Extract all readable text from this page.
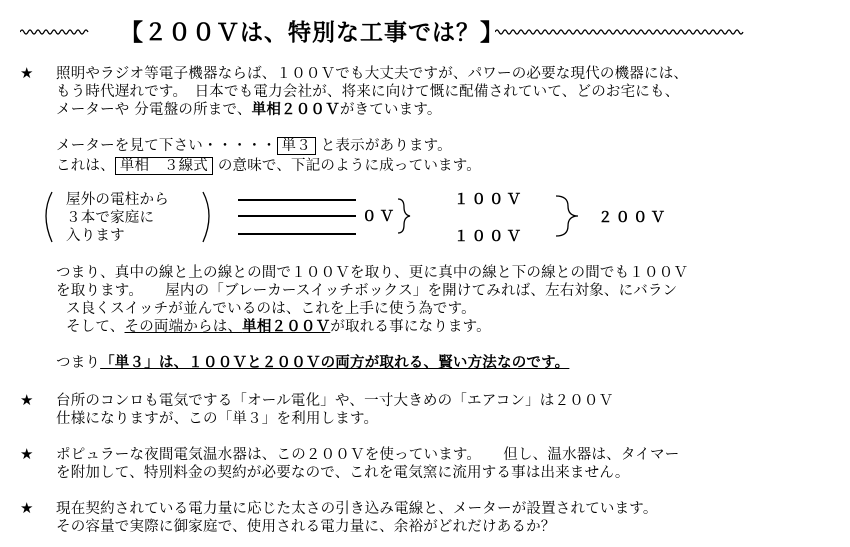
【２００Ｖは、特別な工事では？】
★ 照明やラジオ等電子機器ならば、１００Ｖでも大丈夫ですが、パワーの必要な現代の機器には、
もう時代遅れです。　日本でも電力会社が、将来に向けて慨に配備されていて、どのお宅にも、
メーターや 分電盤の所まで、単相２００Ｖがきています。
メーターを見て下さい・・・・・ 単３ と表示があります。
これは、 単相　３線式 の意味で、下記のように成っています。
屋外の電柱から
３本で家庭に
入ります
１００Ｖ
０Ｖ
１００Ｖ
２００Ｖ
つまり、真中の線と上の線との間で１００Ｖを取り、更に真中の線と下の線との間でも１００Ｖ
を取ります。　　屋内の「ブレーカースイッチボックス」を開けてみれば、左右対象、にバラン
ス良くスイッチが並んでいるのは、これを上手に使う為です。
そして、その両端からは、単相２００Ｖが取れる事になります。
つまり「単３」は、１００Ｖと２００Ｖの両方が取れる、賢い方法なのです。
★ 台所のコンロも電気でする「オール電化」や、一寸大きめの「エアコン」は２００Ｖ
仕様になりますが、この「単３」を利用します。
★ ポピュラーな夜間電気温水器は、この２００Ｖを使っています。　　但し、温水器は、タイマー
を附加して、特別料金の契約が必要なので、これを電気窯に流用する事は出来ません。
★ 現在契約されている電力量に応じた太さの引き込み電線と、メーターが設置されています。
その容量で実際に御家庭で、使用される電力量に、余裕がどれだけあるか？
